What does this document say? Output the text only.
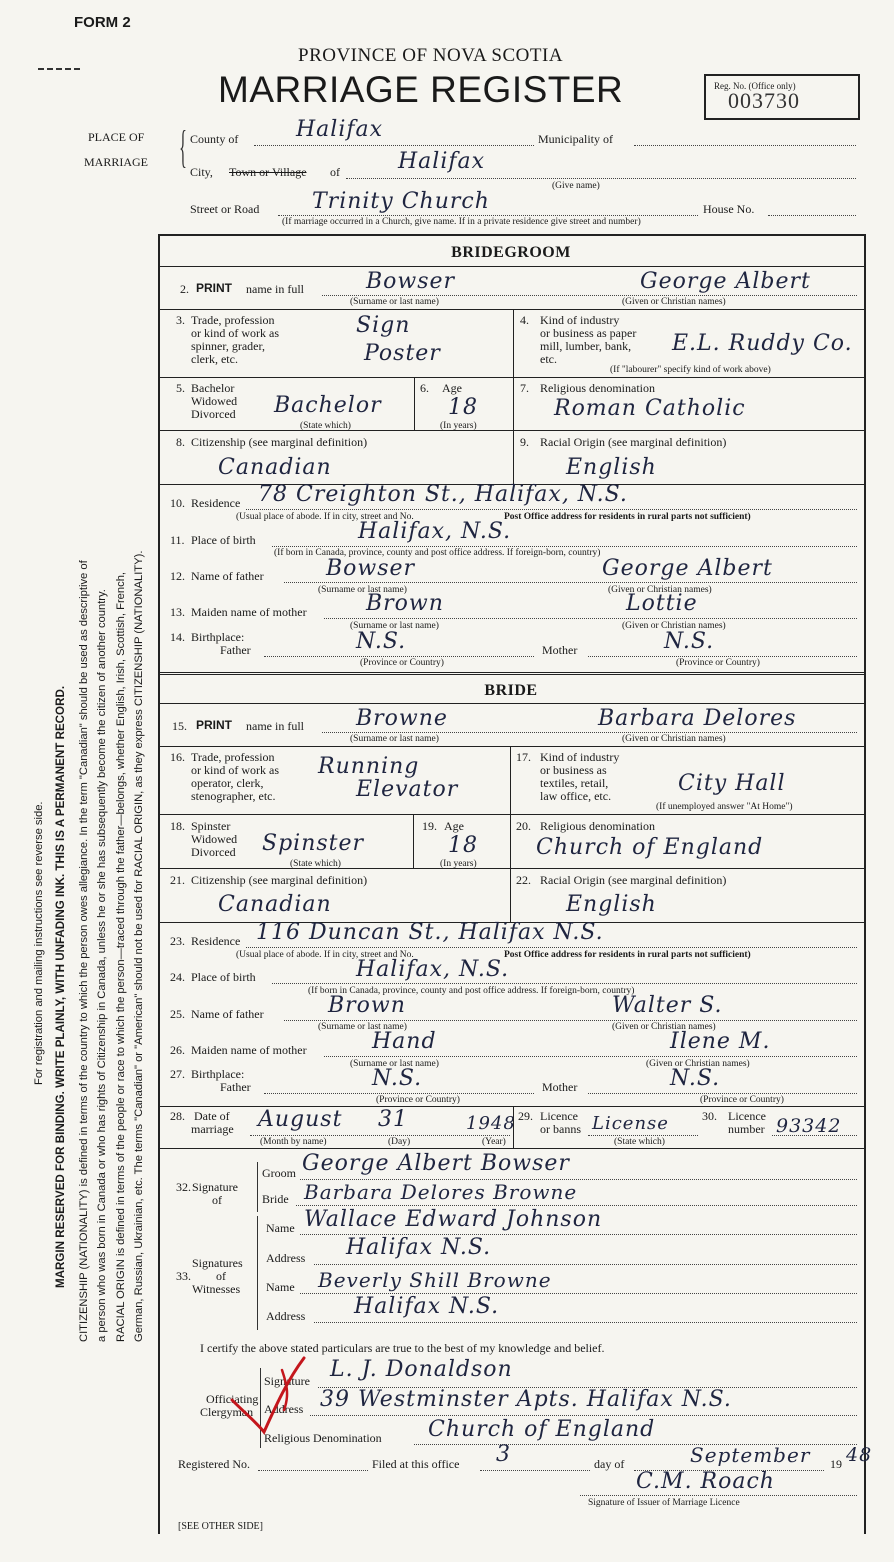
For registration and mailing instructions see reverse side. MARGIN RESERVED FOR BINDING. WRITE PLAINLY, WITH UNFADING INK. THIS IS A PERMANENT RECORD. CITIZENSHIP (NATIONALITY) is defined in terms of the country to which the person owes allegiance. In the term "Canadian" should be used as descriptive of a person who was born in Canada or who has rights of Citizenship in Canada, unless he or she has subsequently become the citizen of another country. RACIAL ORIGIN is defined in terms of the people or race to which the person—traced through the father—belongs, whether English, Irish, Scottish, French, German, Russian, Ukrainian, etc. The terms "Canadian" or "American" should not be used for RACIAL ORIGIN, as they express CITIZENSHIP (NATIONALITY).
FORM 2
PROVINCE OF NOVA SCOTIA
MARRIAGE REGISTER	Reg. No. (Office only)
003730
PLACE OF
MARRIAGE { County of	Halifax	Municipality of
City, Town or Village of	Halifax
(Give name)
Street or Road Trinity Church	House No.
(If marriage occurred in a Church, give name. If in a private residence give street and number)
BRIDEGROOM
2. PRINT name in full	Bowser	George Albert
(Surname or last name)	(Given or Christian names)
3. Trade, profession
or kind of work as
spinner, grader,
clerk, etc.
Sign
Poster
4. Kind of industry
or business as paper
mill, lumber, bank,
etc.
E.L. Ruddy Co.
(If "labourer" specify kind of work above)
5. Bachelor
Widowed
Divorced Bachelor
(State which)
6. Age
18
(In years)
7. Religious denomination
Roman Catholic
8. Citizenship (see marginal definition)
Canadian
9. Racial Origin (see marginal definition)
English
10. Residence 78 Creighton St., Halifax, N.S.
(Usual place of abode. If in city, street and No.	Post Office address for residents in rural parts not sufficient)
11. Place of birth	Halifax, N.S.
(If born in Canada, province, county and post office address. If foreign-born, country)
12. Name of father	Bowser	George Albert
(Surname or last name)	(Given or Christian names)
13. Maiden name of mother	Brown	Lottie
(Surname or last name)	(Given or Christian names)
14. Birthplace:
Father	N.S.
(Province or Country)
Mother	N.S.
(Province or Country)
BRIDE
15. PRINT name in full Browne	Barbara Delores
(Surname or last name)	(Given or Christian names)
16. Trade, profession
or kind of work as
operator, clerk,
stenographer, etc.
Running
Elevator
17. Kind of industry
or business as
textiles, retail,
law office, etc.	City Hall
(If unemployed answer "At Home")
18. Spinster
Widowed
Divorced Spinster
(State which)
19. Age
18
(In years)
20. Religious denomination
Church of England
21. Citizenship (see marginal definition)
Canadian
22. Racial Origin (see marginal definition)
English
23. Residence 116 Duncan St., Halifax N.S.
(Usual place of abode. If in city, street and No.	Post Office address for residents in rural parts not sufficient)
24. Place of birth	Halifax, N.S.
(If born in Canada, province, county and post office address. If foreign-born, country)
25. Name of father	Brown	Walter S.
(Surname or last name)	(Given or Christian names)
26. Maiden name of mother	Hand	Ilene M.
(Surname or last name)	(Given or Christian names)
27. Birthplace:
Father	N.S.
(Province or Country)
Mother	N.S.
(Province or Country)
28. Date of
marriage August 31	1948
(Month by name)	(Day)	(Year)
29. Licence
or banns License
(State which)
30. Licence
number 93342
32. Signature
of
Groom George Albert Bowser
Bride Barbara Delores Browne
33.
Signatures
of
Witnesses
Name Wallace Edward Johnson
Address Halifax N.S.
Name Beverly Shill Browne
Address Halifax N.S.
I certify the above stated particulars are true to the best of my knowledge and belief.
Officiating
Clergyman
Signature L. J. Donaldson
Address 39 Westminster Apts. Halifax N.S.
Religious Denomination Church of England
Registered No.	Filed at this office 3	day of	September 19 48
C.M. Roach
Signature of Issuer of Marriage Licence
[SEE OTHER SIDE]
